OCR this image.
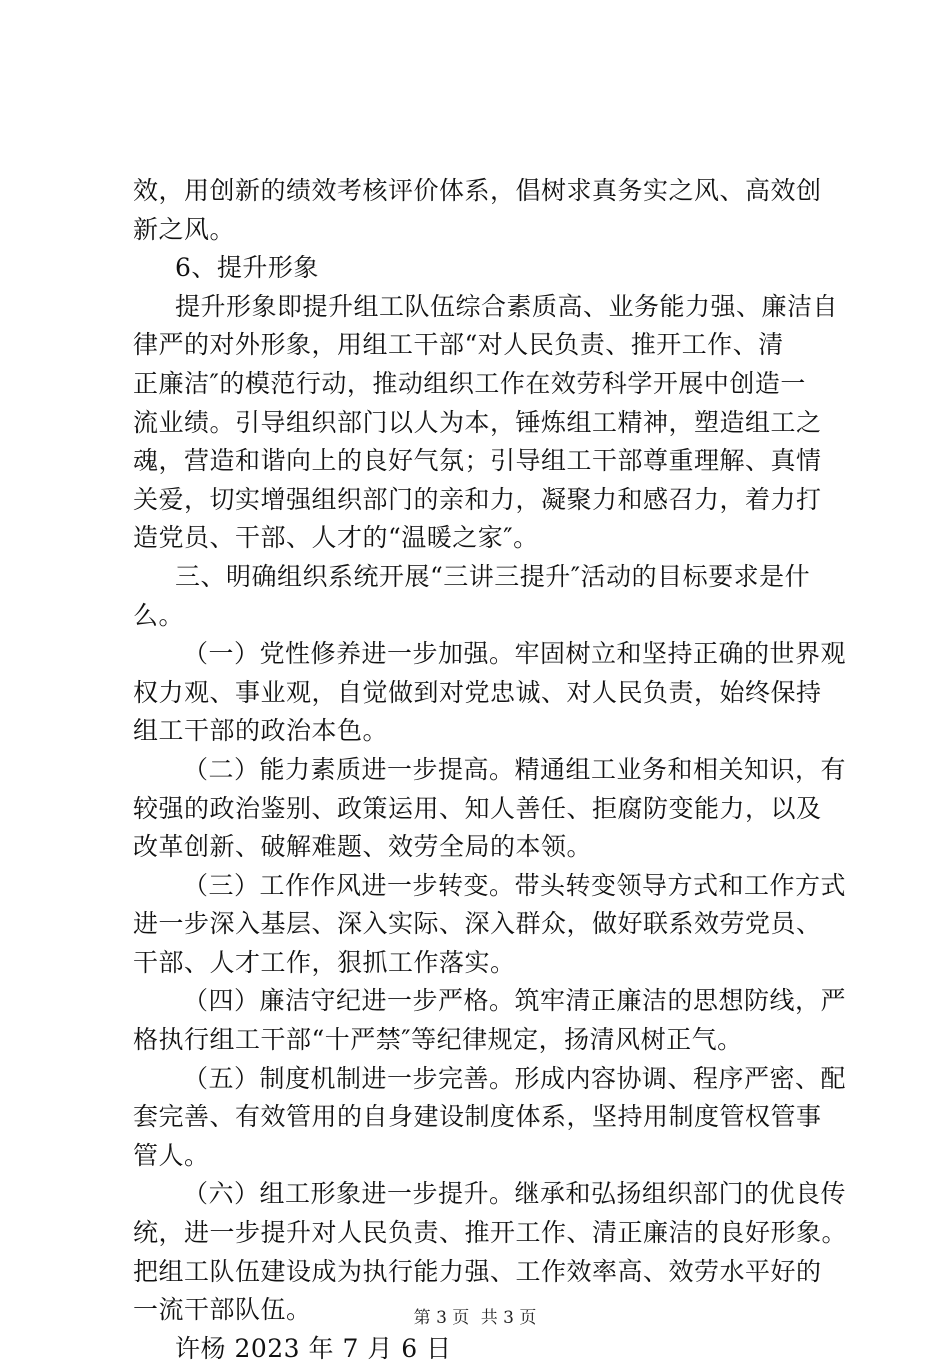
效，用创新的绩效考核评价体系，倡树求真务实之风、高效创

新之风。

6、提升形象

提升形象即提升组工队伍综合素质高、业务能力强、廉洁自

律严的对外形象，用组工干部“对人民负责、推开工作、清

正廉洁″的模范行动，推动组织工作在效劳科学开展中创造一

流业绩。引导组织部门以人为本，锤炼组工精神，塑造组工之

魂，营造和谐向上的良好气氛；引导组工干部尊重理解、真情

关爱，切实增强组织部门的亲和力，凝聚力和感召力，着力打

造党员、干部、人才的“温暖之家″。

三、明确组织系统开展“三讲三提升″活动的目标要求是什

么。

（一）党性修养进一步加强。牢固树立和坚持正确的世界观

权力观、事业观，自觉做到对党忠诚、对人民负责，始终保持

组工干部的政治本色。

（二）能力素质进一步提高。精通组工业务和相关知识，有

较强的政治鉴别、政策运用、知人善任、拒腐防变能力，以及

改革创新、破解难题、效劳全局的本领。

（三）工作作风进一步转变。带头转变领导方式和工作方式

进一步深入基层、深入实际、深入群众，做好联系效劳党员、

干部、人才工作，狠抓工作落实。

（四）廉洁守纪进一步严格。筑牢清正廉洁的思想防线，严

格执行组工干部“十严禁″等纪律规定，扬清风树正气。

（五）制度机制进一步完善。形成内容协调、程序严密、配

套完善、有效管用的自身建设制度体系，坚持用制度管权管事

管人。

（六）组工形象进一步提升。继承和弘扬组织部门的优良传

统，进一步提升对人民负责、推开工作、清正廉洁的良好形象。

把组工队伍建设成为执行能力强、工作效率高、效劳水平好的

一流干部队伍。

许杨 2023 年 7 月 6 日

第 3 页 共 3 页
